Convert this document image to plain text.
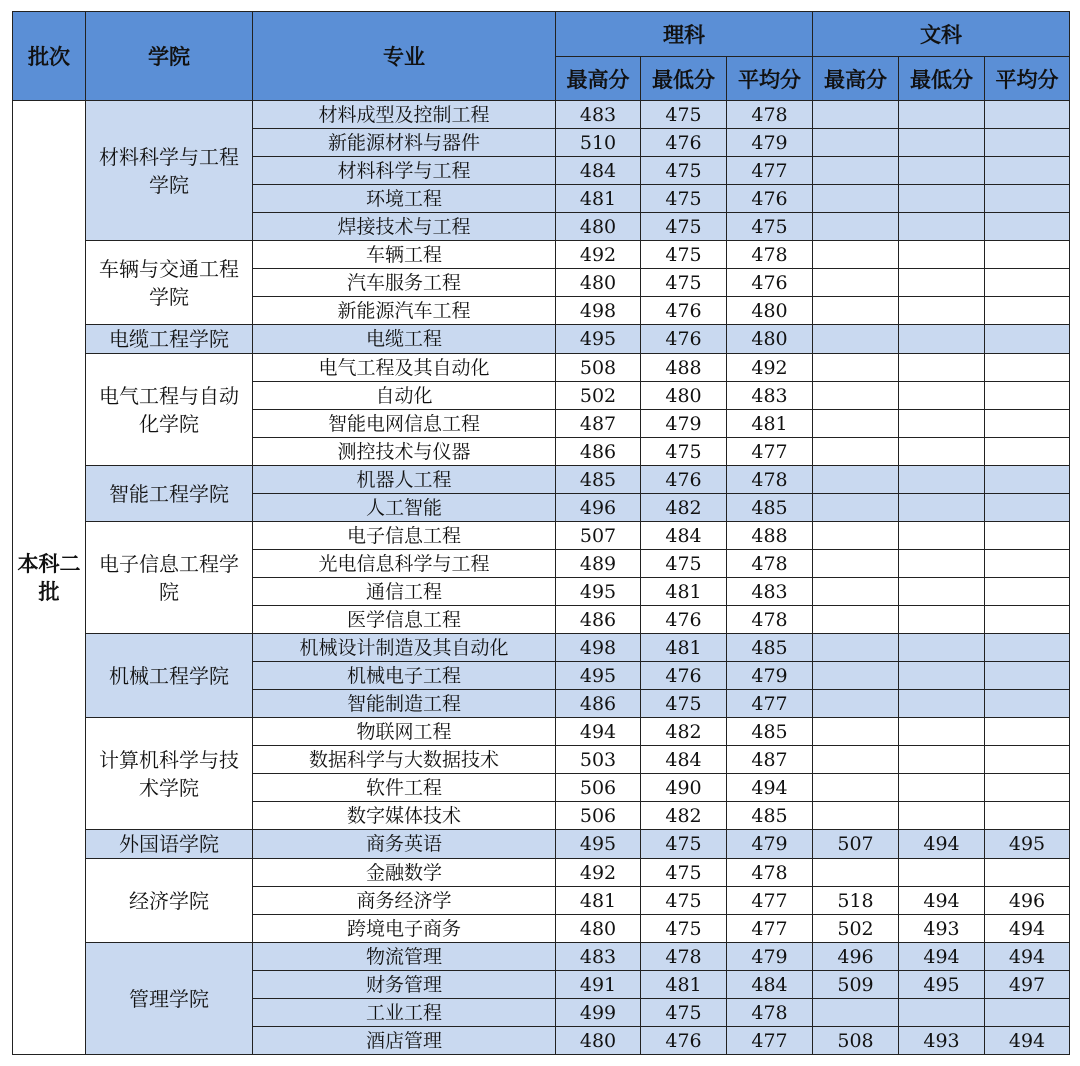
批次	学院	专业	理科			文科		
			最高分	最低分	平均分	最高分	最低分	平均分
本科二批	材料科学与工程学院	材料成型及控制工程	483	475	478			
		新能源材料与器件	510	476	479			
		材料科学与工程	484	475	477			
		环境工程	481	475	476			
		焊接技术与工程	480	475	475			
	车辆与交通工程学院	车辆工程	492	475	478			
		汽车服务工程	480	475	476			
		新能源汽车工程	498	476	480			
	电缆工程学院	电缆工程	495	476	480			
	电气工程与自动化学院	电气工程及其自动化	508	488	492			
		自动化	502	480	483			
		智能电网信息工程	487	479	481			
		测控技术与仪器	486	475	477			
	智能工程学院	机器人工程	485	476	478			
		人工智能	496	482	485			
	电子信息工程学院	电子信息工程	507	484	488			
		光电信息科学与工程	489	475	478			
		通信工程	495	481	483			
		医学信息工程	486	476	478			
	机械工程学院	机械设计制造及其自动化	498	481	485			
		机械电子工程	495	476	479			
		智能制造工程	486	475	477			
	计算机科学与技术学院	物联网工程	494	482	485			
		数据科学与大数据技术	503	484	487			
		软件工程	506	490	494			
		数字媒体技术	506	482	485			
	外国语学院	商务英语	495	475	479	507	494	495
	经济学院	金融数学	492	475	478			
		商务经济学	481	475	477	518	494	496
		跨境电子商务	480	475	477	502	493	494
	管理学院	物流管理	483	478	479	496	494	494
		财务管理	491	481	484	509	495	497
		工业工程	499	475	478			
		酒店管理	480	476	477	508	493	494
